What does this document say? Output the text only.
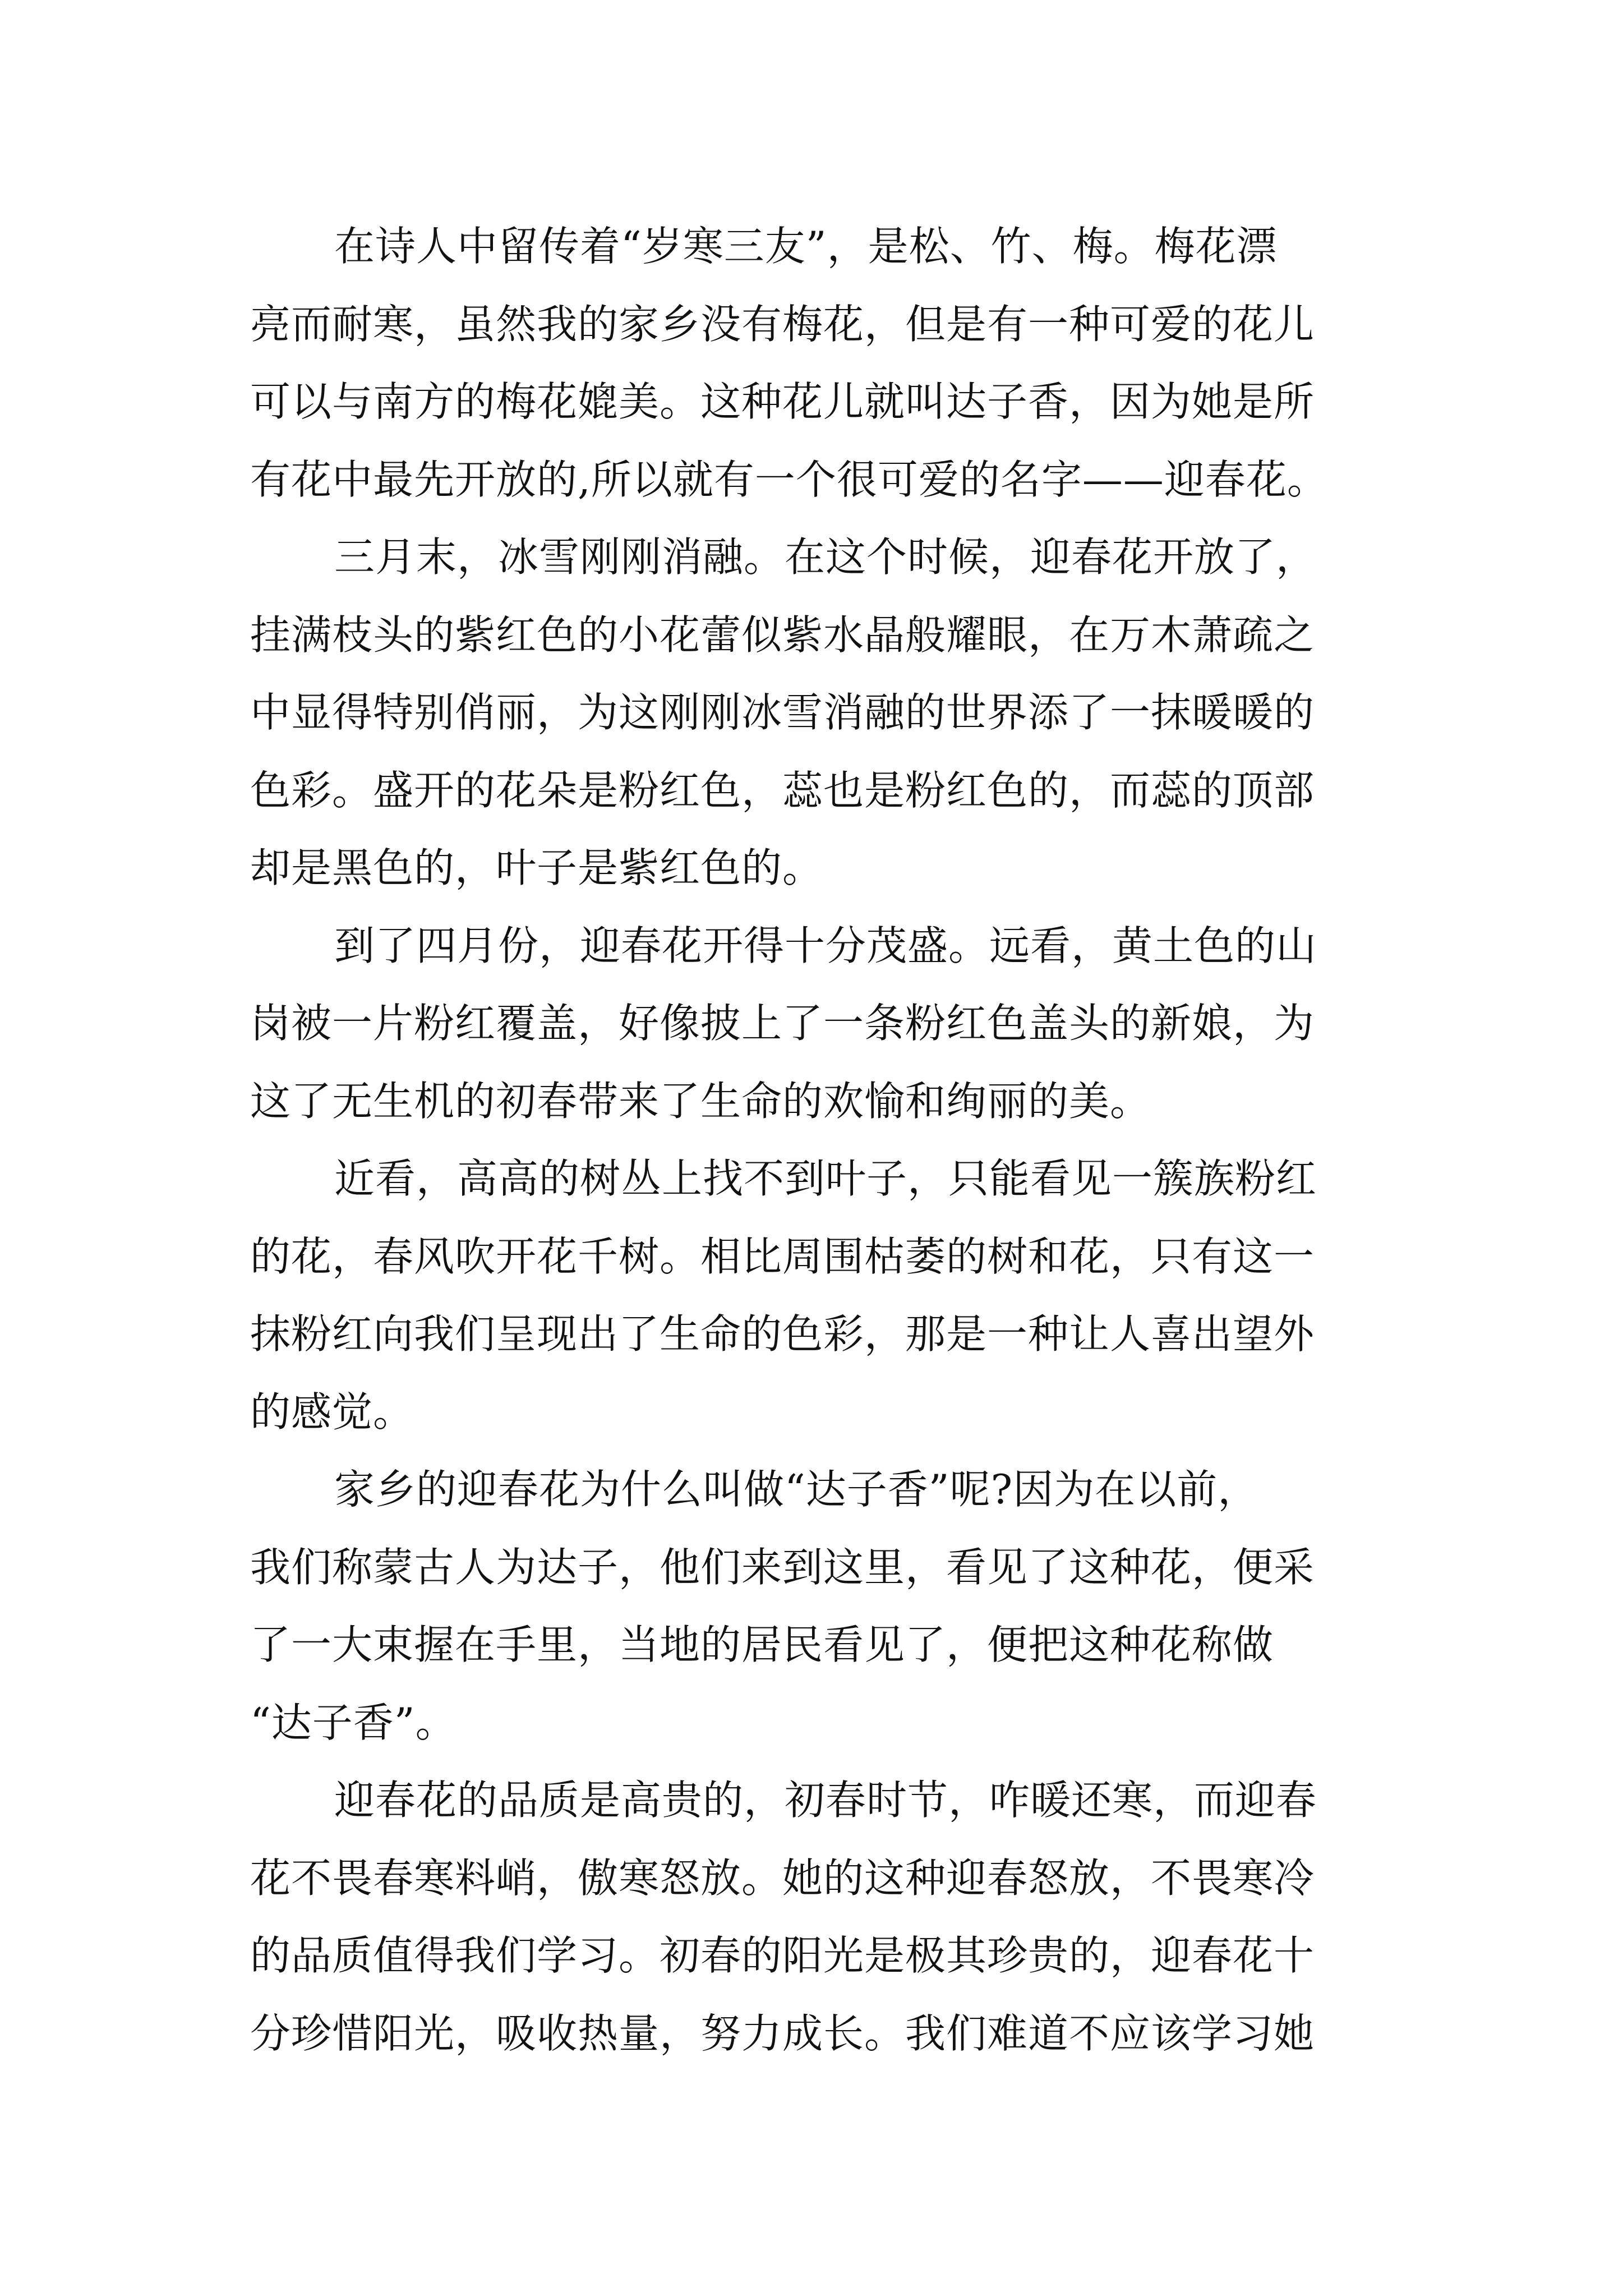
在诗人中留传着“岁寒三友”，是松、竹、梅。梅花漂
亮而耐寒，虽然我的家乡没有梅花，但是有一种可爱的花儿
可以与南方的梅花媲美。这种花儿就叫达子香，因为她是所
有花中最先开放的,所以就有一个很可爱的名字——迎春花。
三月末，冰雪刚刚消融。在这个时候，迎春花开放了，
挂满枝头的紫红色的小花蕾似紫水晶般耀眼，在万木萧疏之
中显得特别俏丽，为这刚刚冰雪消融的世界添了一抹暖暖的
色彩。盛开的花朵是粉红色，蕊也是粉红色的，而蕊的顶部
却是黑色的，叶子是紫红色的。
到了四月份，迎春花开得十分茂盛。远看，黄土色的山
岗被一片粉红覆盖，好像披上了一条粉红色盖头的新娘，为
这了无生机的初春带来了生命的欢愉和绚丽的美。
近看，高高的树丛上找不到叶子，只能看见一簇族粉红
的花，春风吹开花千树。相比周围枯萎的树和花，只有这一
抹粉红向我们呈现出了生命的色彩，那是一种让人喜出望外
的感觉。
家乡的迎春花为什么叫做“达子香”呢?因为在以前，
我们称蒙古人为达子，他们来到这里，看见了这种花，便采
了一大束握在手里，当地的居民看见了，便把这种花称做
“达子香”。
迎春花的品质是高贵的，初春时节，咋暖还寒，而迎春
花不畏春寒料峭，傲寒怒放。她的这种迎春怒放，不畏寒冷
的品质值得我们学习。初春的阳光是极其珍贵的，迎春花十
分珍惜阳光，吸收热量，努力成长。我们难道不应该学习她
